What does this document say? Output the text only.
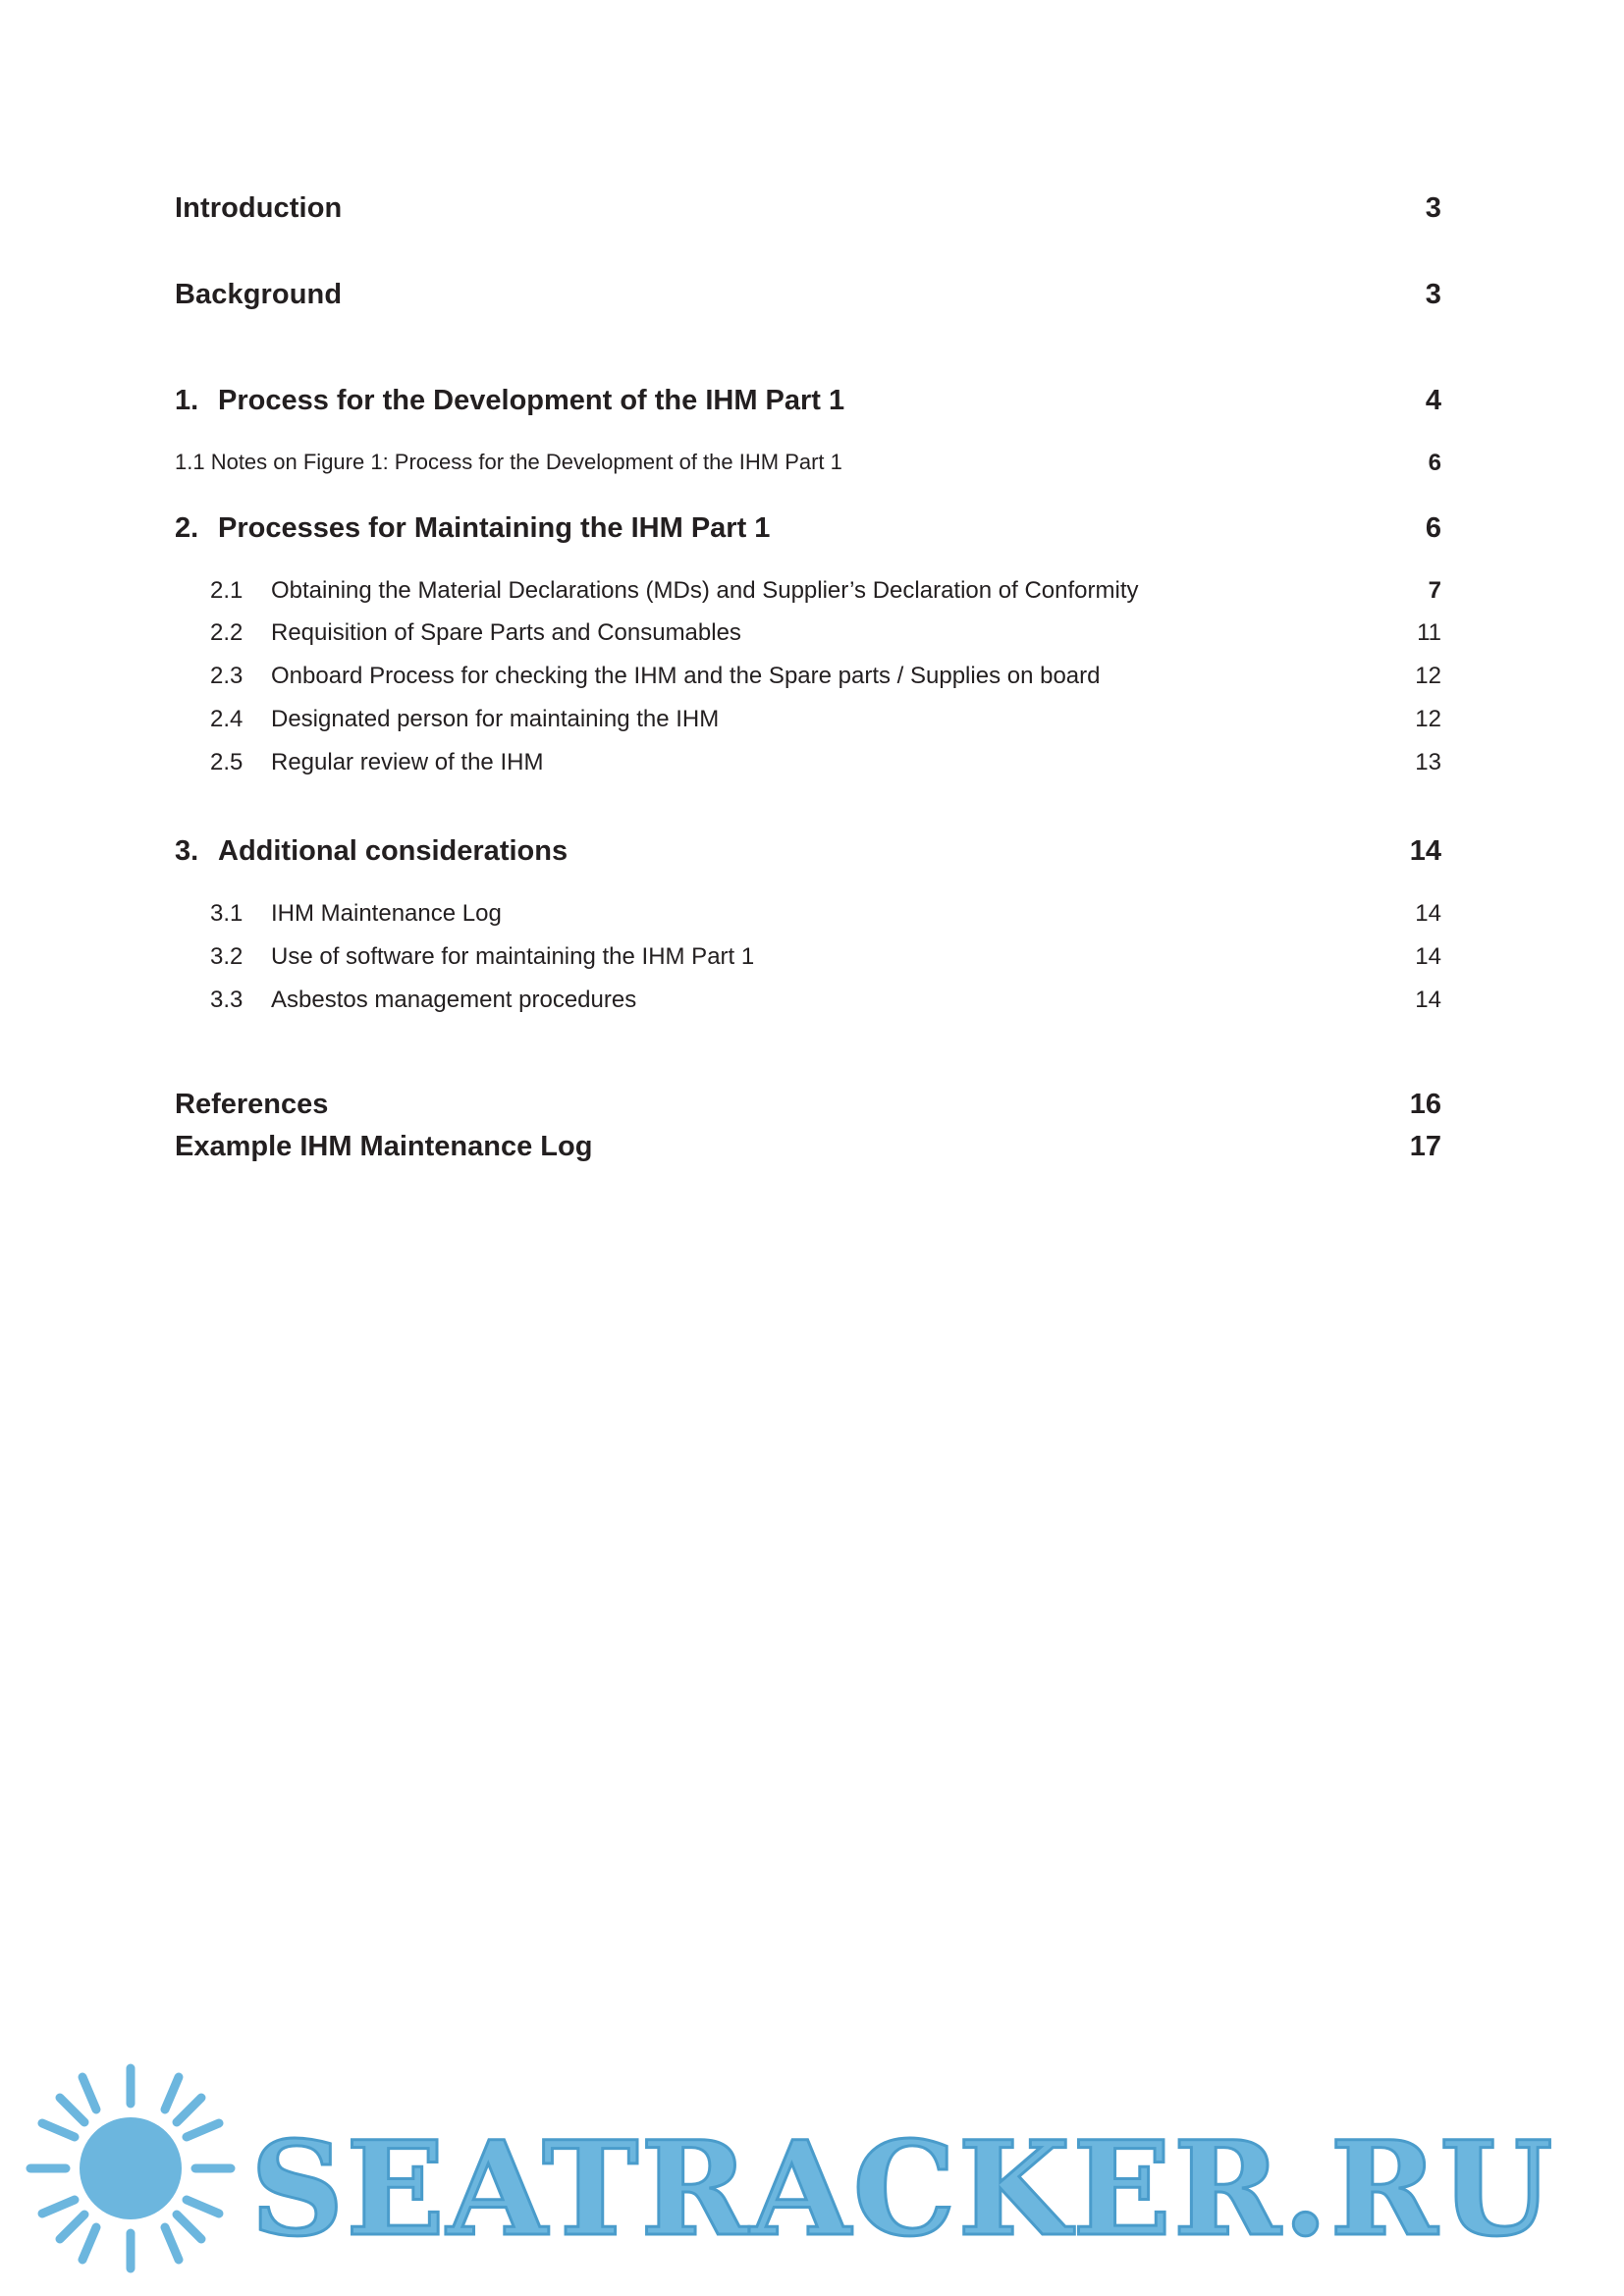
Introduction	3
Background	3
1. Process for the Development of the IHM Part 1	4
1.1 Notes on Figure 1: Process for the Development of the IHM Part 1	6
2. Processes for Maintaining the IHM Part 1	6
2.1	Obtaining the Material Declarations (MDs) and Supplier’s Declaration of Conformity	7
2.2	Requisition of Spare Parts and Consumables	11
2.3	Onboard Process for checking the IHM and the Spare parts / Supplies on board	12
2.4	Designated person for maintaining the IHM	12
2.5	Regular review of the IHM	13
3. Additional considerations	14
3.1	IHM Maintenance Log	14
3.2	Use of software for maintaining the IHM Part 1	14
3.3	Asbestos management procedures	14
References	16
Example IHM Maintenance Log	17
SEATRACKER.RU
